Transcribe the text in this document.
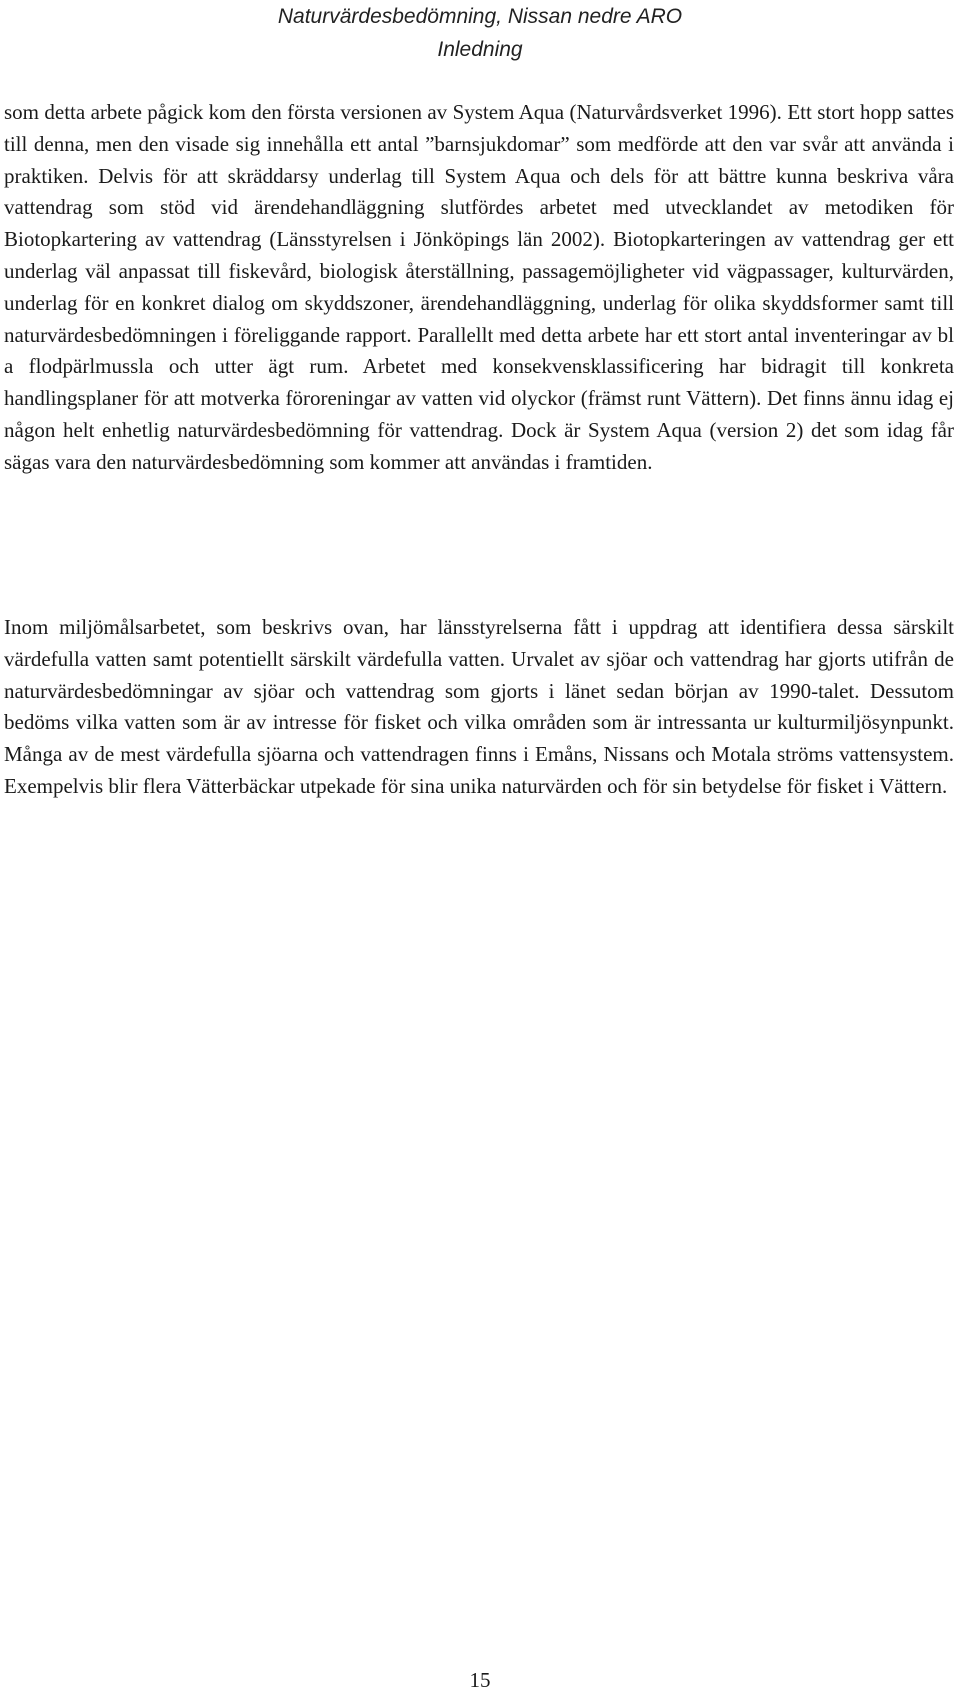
Naturvärdesbedömning, Nissan nedre ARO
Inledning

som detta arbete pågick kom den första versionen av System Aqua (Naturvårdsverket 1996). Ett stort hopp sattes till denna, men den visade sig innehålla ett antal ”barnsjukdomar” som medförde att den var svår att använda i praktiken. Delvis för att skräddarsy underlag till System Aqua och dels för att bättre kunna beskriva våra vattendrag som stöd vid ärendehandläggning slutfördes arbetet med utvecklandet av metodiken för Biotopkartering av vattendrag (Länsstyrelsen i Jönköpings län 2002). Biotopkarteringen av vattendrag ger ett underlag väl anpassat till fiskevård, biologisk återställning, passagemöjligheter vid vägpassager, kulturvärden, underlag för en konkret dialog om skyddszoner, ärendehandläggning, underlag för olika skyddsformer samt till naturvärdesbedömningen i föreliggande rapport. Parallellt med detta arbete har ett stort antal inventeringar av bl a flodpärlmussla och utter ägt rum. Arbetet med konsekvensklassificering har bidragit till konkreta handlingsplaner för att motverka föroreningar av vatten vid olyckor (främst runt Vättern). Det finns ännu idag ej någon helt enhetlig naturvärdesbedömning för vattendrag. Dock är System Aqua (version 2) det som idag får sägas vara den naturvärdesbedömning som kommer att användas i framtiden.

Inom miljömålsarbetet, som beskrivs ovan, har länsstyrelserna fått i uppdrag att identifiera dessa särskilt värdefulla vatten samt potentiellt särskilt värdefulla vatten. Urvalet av sjöar och vattendrag har gjorts utifrån de naturvärdesbedömningar av sjöar och vattendrag som gjorts i länet sedan början av 1990-talet. Dessutom bedöms vilka vatten som är av intresse för fisket och vilka områden som är intressanta ur kulturmiljösynpunkt. Många av de mest värdefulla sjöarna och vattendragen finns i Emåns, Nissans och Motala ströms vattensystem. Exempelvis blir flera Vätterbäckar utpekade för sina unika naturvärden och för sin betydelse för fisket i Vättern.

15
